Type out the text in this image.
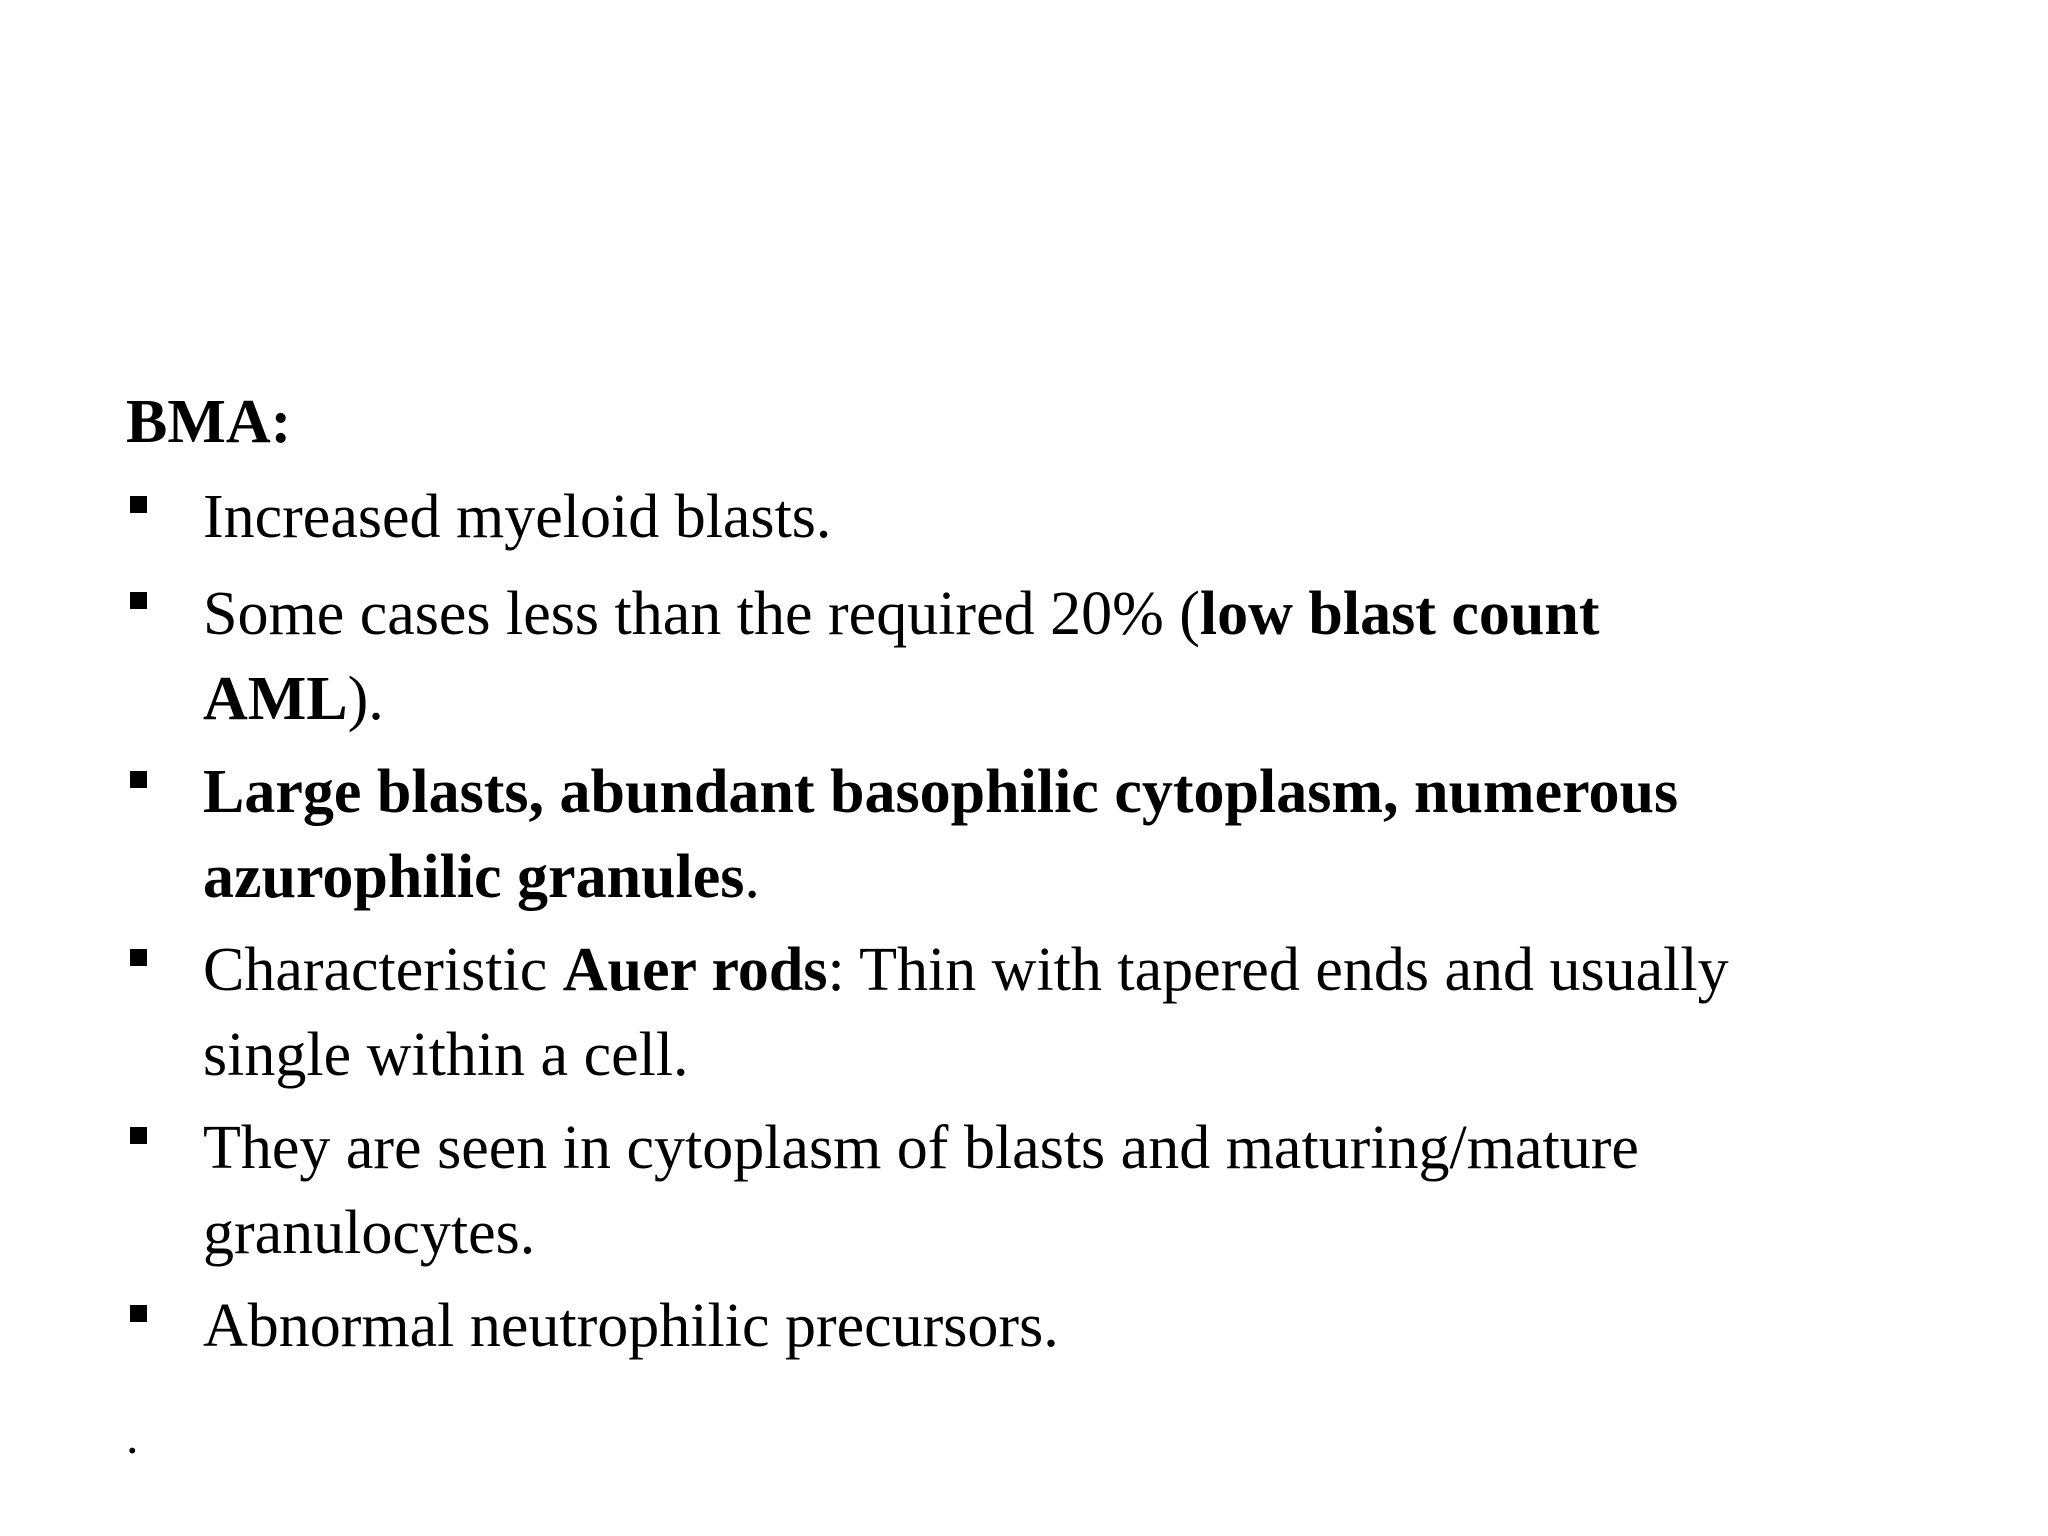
BMA:

Increased myeloid blasts.
Some cases less than the required 20% (low blast count
AML).
Large blasts, abundant basophilic cytoplasm, numerous
azurophilic granules.
Characteristic Auer rods: Thin with tapered ends and usually
single within a cell.
They are seen in cytoplasm of blasts and maturing/mature
granulocytes.
Abnormal neutrophilic precursors.

.
